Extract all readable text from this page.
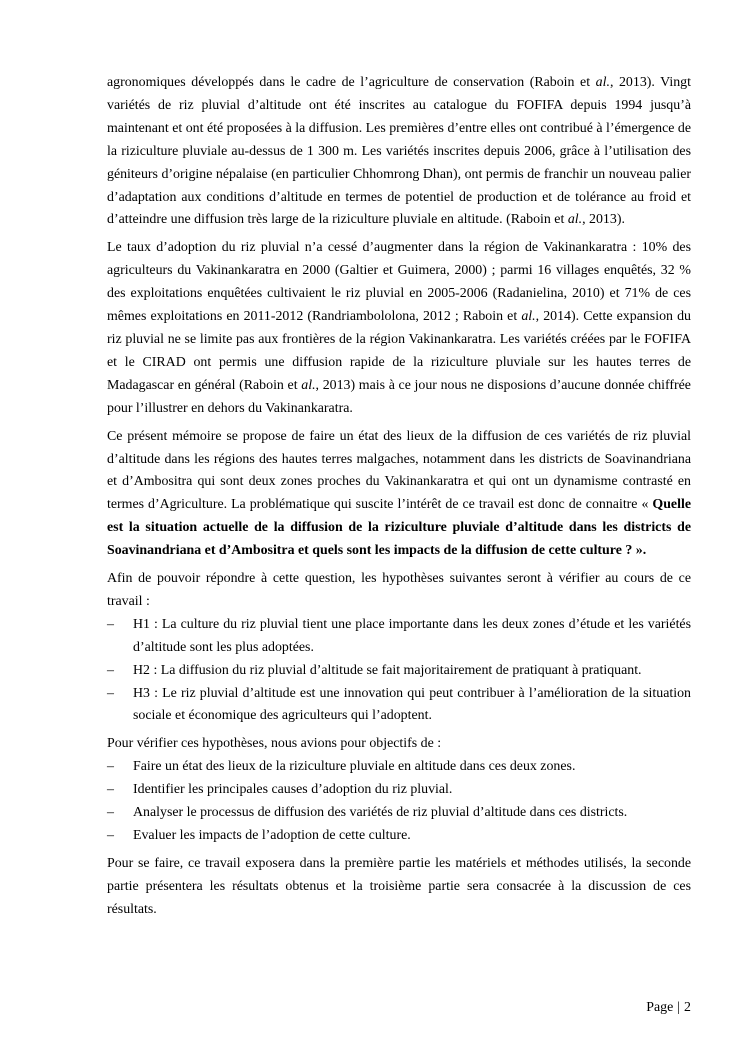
agronomiques développés dans le cadre de l’agriculture de conservation (Raboin et al., 2013). Vingt variétés de riz pluvial d’altitude ont été inscrites au catalogue du FOFIFA depuis 1994 jusqu’à maintenant et ont été proposées à la diffusion. Les premières d’entre elles ont contribué à l’émergence de la riziculture pluviale au-dessus de 1 300 m. Les variétés inscrites depuis 2006, grâce à l’utilisation des géniteurs d’origine népalaise (en particulier Chhomrong Dhan), ont permis de franchir un nouveau palier d’adaptation aux conditions d’altitude en termes de potentiel de production et de tolérance au froid et d’atteindre une diffusion très large de la riziculture pluviale en altitude. (Raboin et al., 2013).

Le taux d’adoption du riz pluvial n’a cessé d’augmenter dans la région de Vakinankaratra : 10% des agriculteurs du Vakinankaratra en 2000 (Galtier et Guimera, 2000) ; parmi 16 villages enquêtés, 32 % des exploitations enquêtées cultivaient le riz pluvial en 2005-2006 (Radanielina, 2010) et 71% de ces mêmes exploitations en 2011-2012 (Randriambololona, 2012 ; Raboin et al., 2014). Cette expansion du riz pluvial ne se limite pas aux frontières de la région Vakinankaratra. Les variétés créées par le FOFIFA et le CIRAD ont permis une diffusion rapide de la riziculture pluviale sur les hautes terres de Madagascar en général (Raboin et al., 2013) mais à ce jour nous ne disposions d’aucune donnée chiffrée pour l’illustrer en dehors du Vakinankaratra.

Ce présent mémoire se propose de faire un état des lieux de la diffusion de ces variétés de riz pluvial d’altitude dans les régions des hautes terres malgaches, notamment dans les districts de Soavinandriana et d’Ambositra qui sont deux zones proches du Vakinankaratra et qui ont un dynamisme contrasté en termes d’Agriculture. La problématique qui suscite l’intérêt de ce travail est donc de connaitre « Quelle est la situation actuelle de la diffusion de la riziculture pluviale d’altitude dans les districts de Soavinandriana et d’Ambositra et quels sont les impacts de la diffusion de cette culture ? ».

Afin de pouvoir répondre à cette question, les hypothèses suivantes seront à vérifier au cours de ce travail :

–	H1 : La culture du riz pluvial tient une place importante dans les deux zones d’étude et les variétés d’altitude sont les plus adoptées.
–	H2 : La diffusion du riz pluvial d’altitude se fait majoritairement de pratiquant à pratiquant.
–	H3 : Le riz pluvial d’altitude est une innovation qui peut contribuer à l’amélioration de la situation sociale et économique des agriculteurs qui l’adoptent.

Pour vérifier ces hypothèses, nous avions pour objectifs de :

–	Faire un état des lieux de la riziculture pluviale en altitude dans ces deux zones.
–	Identifier les principales causes d’adoption du riz pluvial.
–	Analyser le processus de diffusion des variétés de riz pluvial d’altitude dans ces districts.
–	Evaluer les impacts de l’adoption de cette culture.

Pour se faire, ce travail exposera dans la première partie les matériels et méthodes utilisés, la seconde partie présentera les résultats obtenus et la troisième partie sera consacrée à la discussion de ces résultats.

Page | 2
